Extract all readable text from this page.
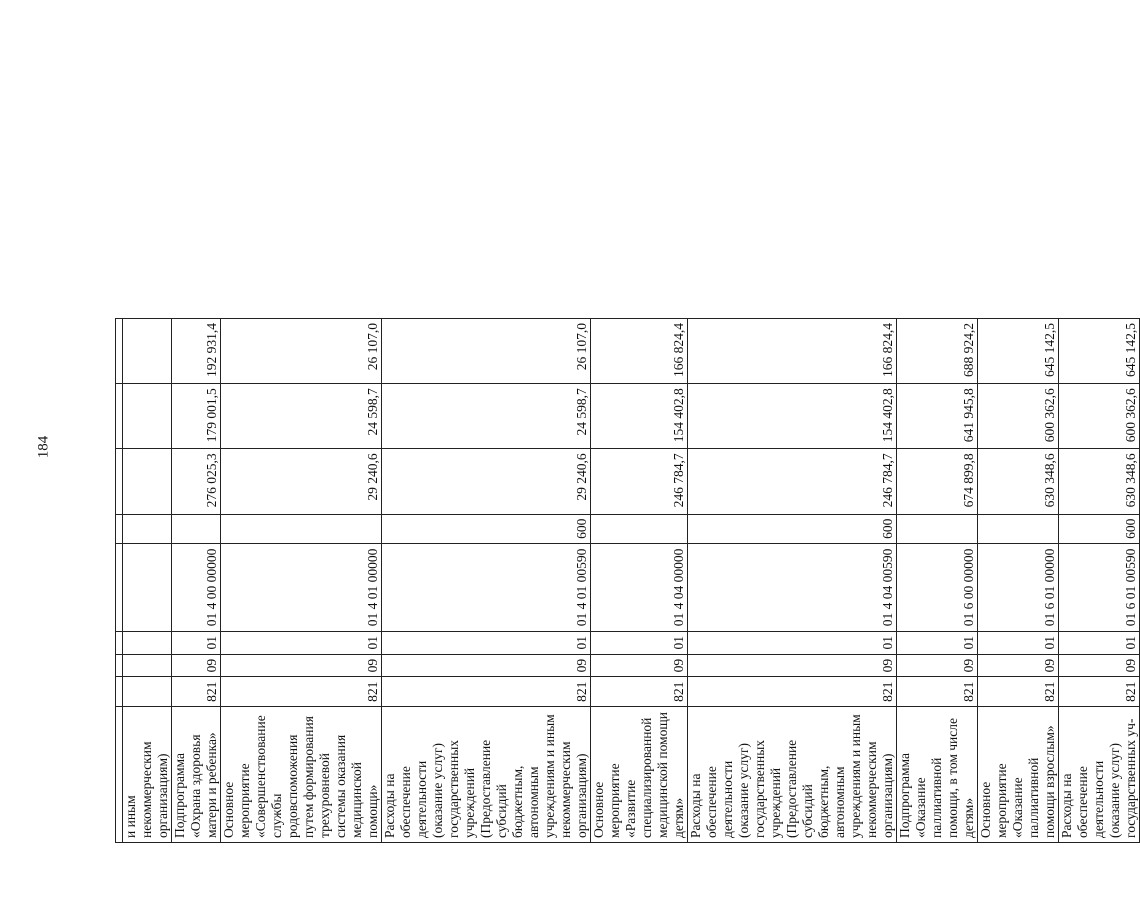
184

и иным некоммерческим организациям)								
Подпрограмма «Охрана здоровья матери и ребенка»	821	09	01	01 4 00 00000		276 025,3	179 001,5	192 931,4
Основное мероприятие «Совершенствование службы родовспоможения путем формирования трехуровневой системы оказания медицинской помощи»	821	09	01	01 4 01 00000		29 240,6	24 598,7	26 107,0
Расходы на обеспечение деятельности (оказание услуг) государственных учреждений (Предоставление субсидий бюджетным, автономным учреждениям и иным некоммерческим организациям)	821	09	01	01 4 01 00590	600	29 240,6	24 598,7	26 107,0
Основное мероприятие «Развитие специализированной медицинской помощи детям»	821	09	01	01 4 04 00000		246 784,7	154 402,8	166 824,4
Расходы на обеспечение деятельности (оказание услуг) государственных учреждений (Предоставление субсидий бюджетным, автономным учреждениям и иным некоммерческим организациям)	821	09	01	01 4 04 00590	600	246 784,7	154 402,8	166 824,4
Подпрограмма «Оказание паллиативной помощи, в том числе детям»	821	09	01	01 6 00 00000		674 899,8	641 945,8	688 924,2
Основное мероприятие «Оказание паллиативной помощи взрослым»	821	09	01	01 6 01 00000		630 348,6	600 362,6	645 142,5
Расходы на обеспечение деятельности (оказание услуг) государственных уч-	821	09	01	01 6 01 00590	600	630 348,6	600 362,6	645 142,5
